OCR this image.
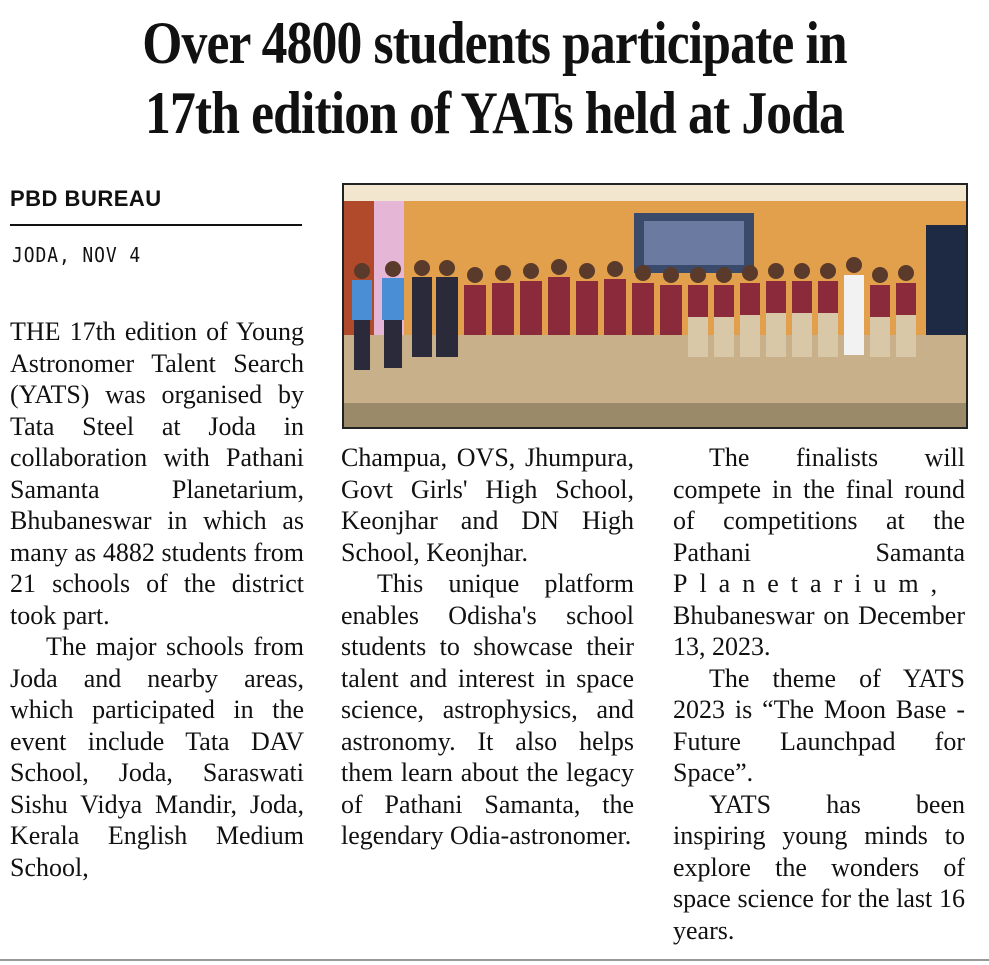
Over 4800 students participate in
17th edition of YATs held at Joda
PBD BUREAU
JODA, NOV 4

THE 17th edition of Young Astronomer Talent Search (YATS) was organised by Tata Steel at Joda in collaboration with Pathani Samanta Planetarium, Bhubaneswar in which as many as 4882 students from 21 schools of the district took part.

The major schools from Joda and nearby areas, which participated in the event include Tata DAV School, Joda, Saraswati Sishu Vidya Mandir, Joda, Kerala English Medium School,

Champua, OVS, Jhumpura, Govt Girls' High School, Keonjhar and DN High School, Keonjhar.

This unique platform enables Odisha's school students to showcase their talent and interest in space science, astrophysics, and astronomy. It also helps them learn about the legacy of Pathani Samanta, the legendary Odia-astronomer.

The finalists will compete in the final round of competitions at the Pathani Samanta Planetarium, Bhubaneswar on December 13, 2023.

The theme of YATS 2023 is “The Moon Base - Future Launchpad for Space”.

YATS has been inspiring young minds to explore the wonders of space science for the last 16 years.
